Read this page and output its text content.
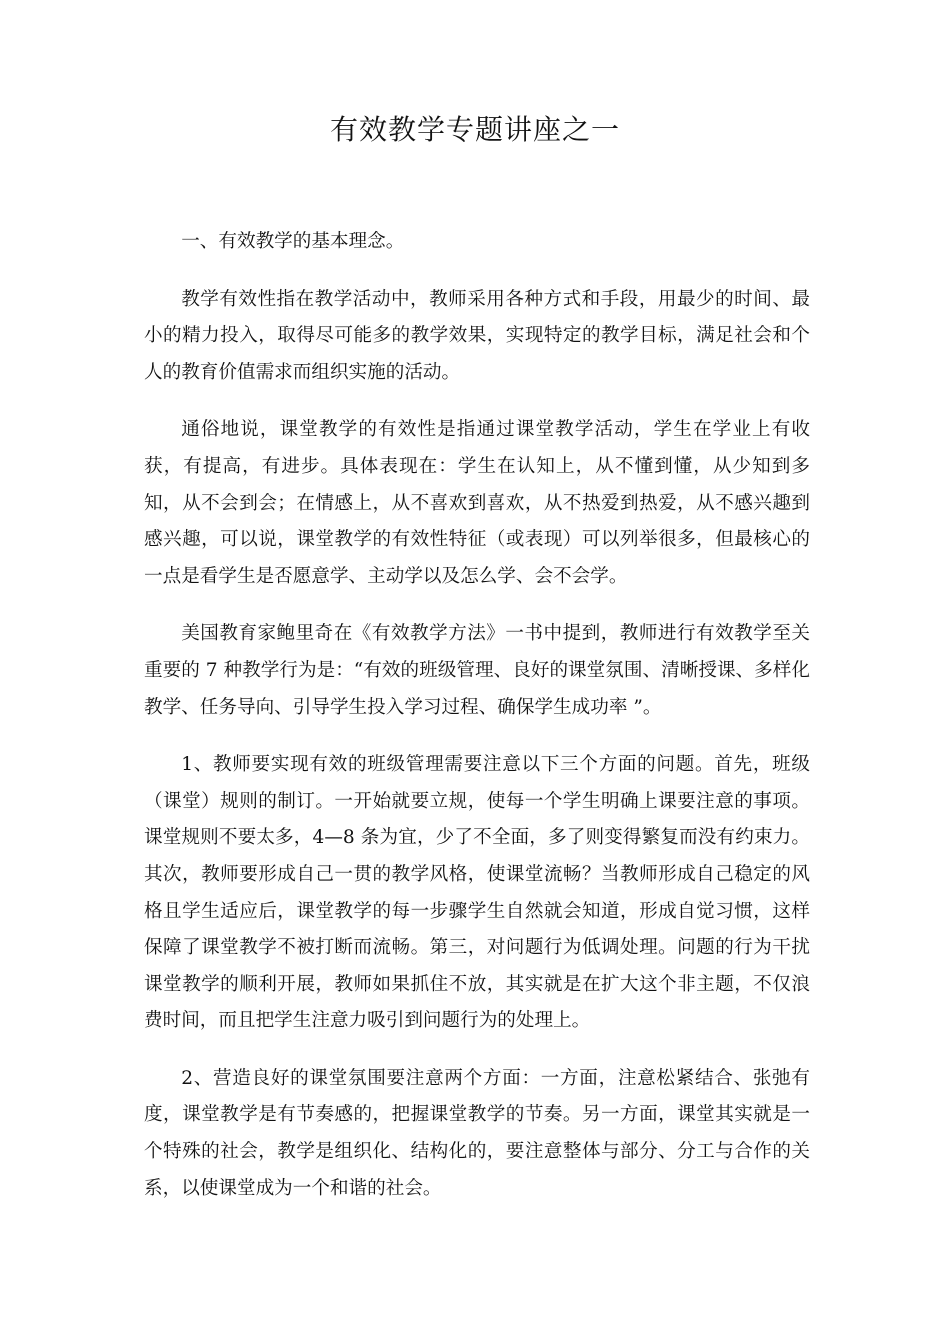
有效教学专题讲座之一

一、有效教学的基本理念。

教学有效性指在教学活动中，教师采用各种方式和手段，用最少的时间、最小的精力投入，取得尽可能多的教学效果，实现特定的教学目标，满足社会和个人的教育价值需求而组织实施的活动。

通俗地说，课堂教学的有效性是指通过课堂教学活动，学生在学业上有收获，有提高，有进步。具体表现在：学生在认知上，从不懂到懂，从少知到多知，从不会到会；在情感上，从不喜欢到喜欢，从不热爱到热爱，从不感兴趣到感兴趣，可以说，课堂教学的有效性特征（或表现）可以列举很多，但最核心的一点是看学生是否愿意学、主动学以及怎么学、会不会学。

美国教育家鲍里奇在《有效教学方法》一书中提到，教师进行有效教学至关重要的 7 种教学行为是：“有效的班级管理、良好的课堂氛围、清晰授课、多样化教学、任务导向、引导学生投入学习过程、确保学生成功率 ”。

1、教师要实现有效的班级管理需要注意以下三个方面的问题。首先，班级（课堂）规则的制订。一开始就要立规，使每一个学生明确上课要注意的事项。课堂规则不要太多，4—8 条为宜，少了不全面，多了则变得繁复而没有约束力。其次，教师要形成自己一贯的教学风格，使课堂流畅？当教师形成自己稳定的风格且学生适应后，课堂教学的每一步骤学生自然就会知道，形成自觉习惯，这样保障了课堂教学不被打断而流畅。第三，对问题行为低调处理。问题的行为干扰课堂教学的顺利开展，教师如果抓住不放，其实就是在扩大这个非主题，不仅浪费时间，而且把学生注意力吸引到问题行为的处理上。

2、营造良好的课堂氛围要注意两个方面：一方面，注意松紧结合、张弛有度，课堂教学是有节奏感的，把握课堂教学的节奏。另一方面，课堂其实就是一个特殊的社会，教学是组织化、结构化的，要注意整体与部分、分工与合作的关系，以使课堂成为一个和谐的社会。
